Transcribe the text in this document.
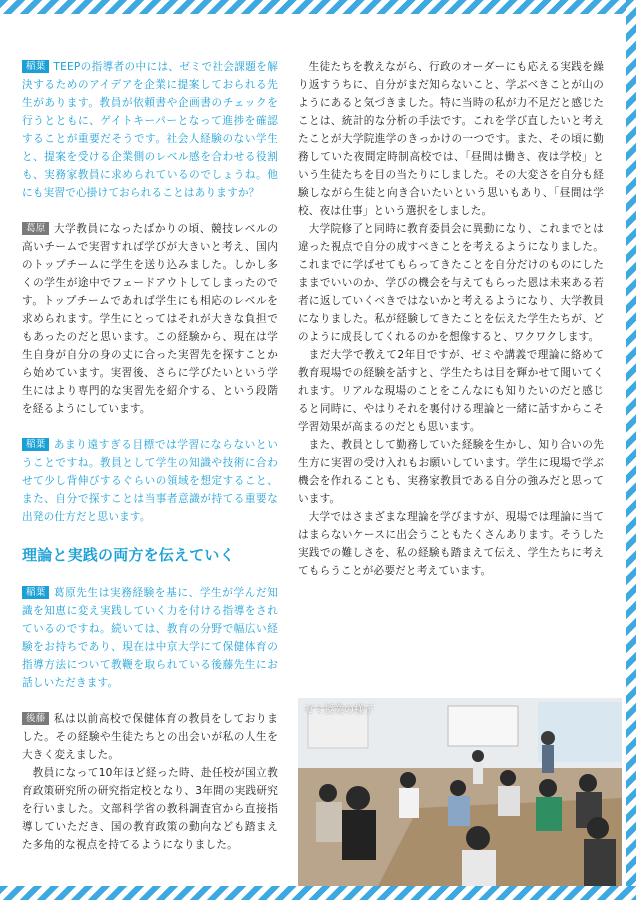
稲葉 TEEPの指導者の中には、ゼミで社会課題を解決するためのアイデアを企業に提案しておられる先生があります。教員が依頼書や企画書のチェックを行うとともに、ゲイトキーパーとなって進捗を確認することが重要だそうです。社会人経験のない学生と、提案を受ける企業側のレベル感を合わせる役割も、実務家教員に求められているのでしょうね。他にも実習で心掛けておられることはありますか？

葛原 大学教員になったばかりの頃、競技レベルの高いチームで実習すれば学びが大きいと考え、国内のトップチームに学生を送り込みました。しかし多くの学生が途中でフェードアウトしてしまったのです。トップチームであれば学生にも相応のレベルを求められます。学生にとってはそれが大きな負担でもあったのだと思います。この経験から、現在は学生自身が自分の身の丈に合った実習先を探すことから始めています。実習後、さらに学びたいという学生にはより専門的な実習先を紹介する、という段階を経るようにしています。

稲葉 あまり遠すぎる目標では学習にならないということですね。教員として学生の知識や技術に合わせて少し背伸びするぐらいの領域を想定すること、また、自分で探すことは当事者意識が持てる重要な出発の仕方だと思います。

理論と実践の両方を伝えていく

稲葉 葛原先生は実務経験を基に、学生が学んだ知識を知恵に変え実践していく力を付ける指導をされているのですね。続いては、教育の分野で幅広い経験をお持ちであり、現在は中京大学にて保健体育の指導方法について教鞭を取られている後藤先生にお話しいただきます。

後藤 私は以前高校で保健体育の教員をしておりました。その経験や生徒たちとの出会いが私の人生を大きく変えました。

教員になって10年ほど経った時、赴任校が国立教育政策研究所の研究指定校となり、3年間の実践研究を行いました。文部科学省の教科調査官から直接指導していただき、国の教育政策の動向なども踏まえた多角的な視点を持てるようになりました。

生徒たちを教えながら、行政のオーダーにも応える実践を繰り返すうちに、自分がまだ知らないこと、学ぶべきことが山のようにあると気づきました。特に当時の私が力不足だと感じたことは、統計的な分析の手法です。これを学び直したいと考えたことが大学院進学のきっかけの一つです。また、その頃に勤務していた夜間定時制高校では、「昼間は働き、夜は学校」という生徒たちを目の当たりにしました。その大変さを自分も経験しながら生徒と向き合いたいという思いもあり、「昼間は学校、夜は仕事」という選択をしました。

大学院修了と同時に教育委員会に異動になり、これまでとは違った視点で自分の成すべきことを考えるようになりました。これまでに学ばせてもらってきたことを自分だけのものにしたままでいいのか、学びの機会を与えてもらった恩は未来ある若者に返していくべきではないかと考えるようになり、大学教員になりました。私が経験してきたことを伝えた学生たちが、どのように成長してくれるのかを想像すると、ワクワクします。

まだ大学で教えて2年目ですが、ゼミや講義で理論に絡めて教育現場での経験を話すと、学生たちは目を輝かせて聞いてくれます。リアルな現場のことをこんなにも知りたいのだと感じると同時に、やはりそれを裏付ける理論と一緒に話すからこそ学習効果が高まるのだとも思います。

また、教員として勤務していた経験を生かし、知り合いの先生方に実習の受け入れもお願いしています。学生に現場で学ぶ機会を作れることも、実務家教員である自分の強みだと思っています。

大学ではさまざまな理論を学びますが、現場では理論に当てはまらないケースに出会うこともたくさんあります。そうした実践での難しさを、私の経験も踏まえて伝え、学生たちに考えてもらうことが必要だと考えています。

ゼミ授業の様子
